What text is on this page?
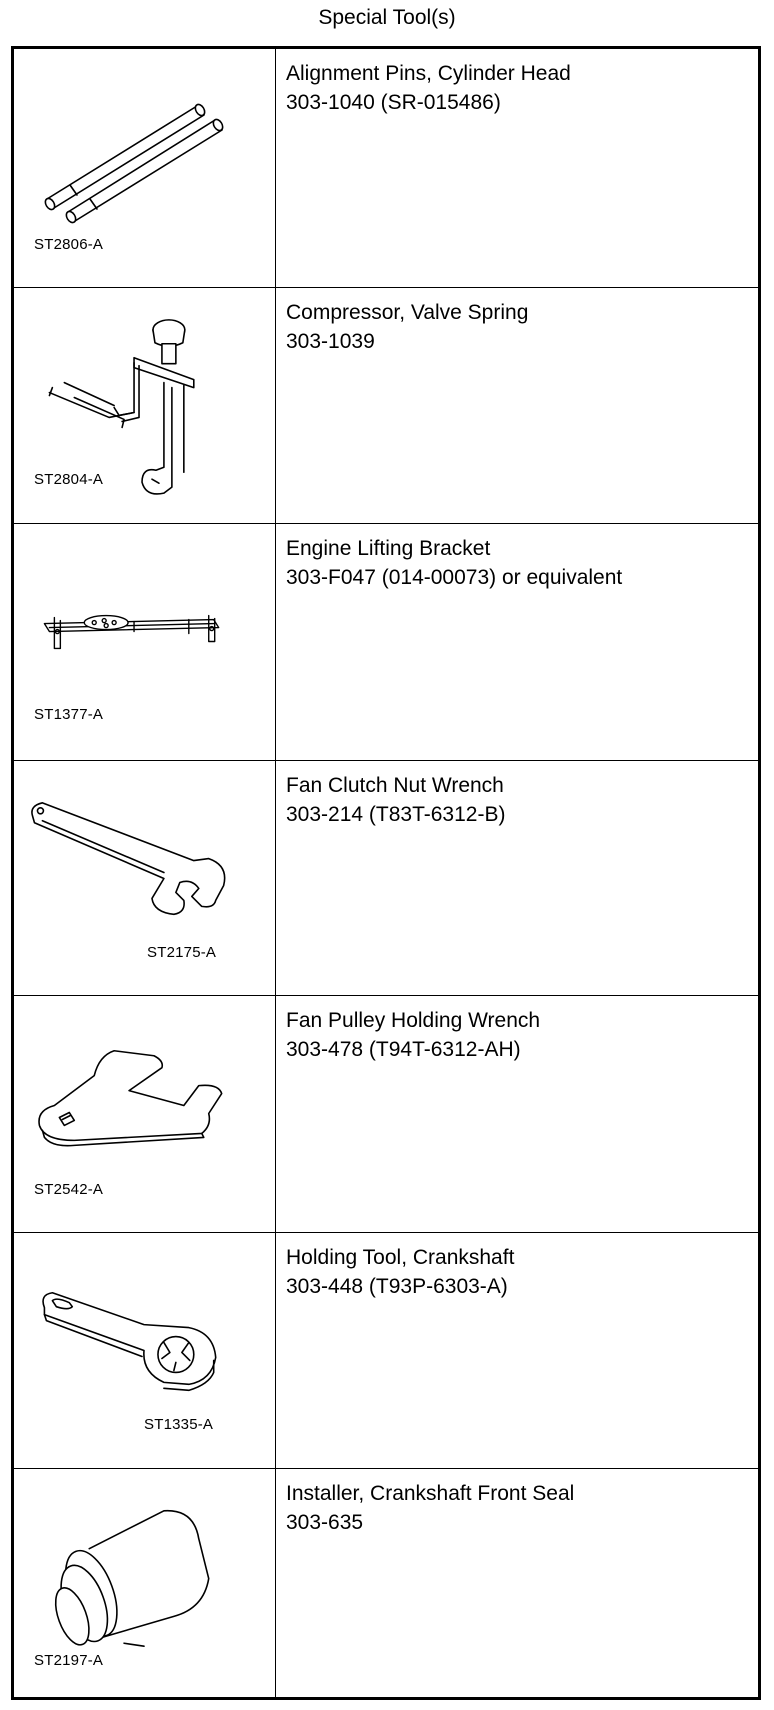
Special Tool(s)
ST2806-A
Alignment Pins, Cylinder Head
303-1040 (SR-015486)
ST2804-A
Compressor, Valve Spring
303-1039
ST1377-A
Engine Lifting Bracket
303-F047 (014-00073) or equivalent
ST2175-A
Fan Clutch Nut Wrench
303-214 (T83T-6312-B)
ST2542-A
Fan Pulley Holding Wrench
303-478 (T94T-6312-AH)
ST1335-A
Holding Tool, Crankshaft
303-448 (T93P-6303-A)
ST2197-A
Installer, Crankshaft Front Seal
303-635
